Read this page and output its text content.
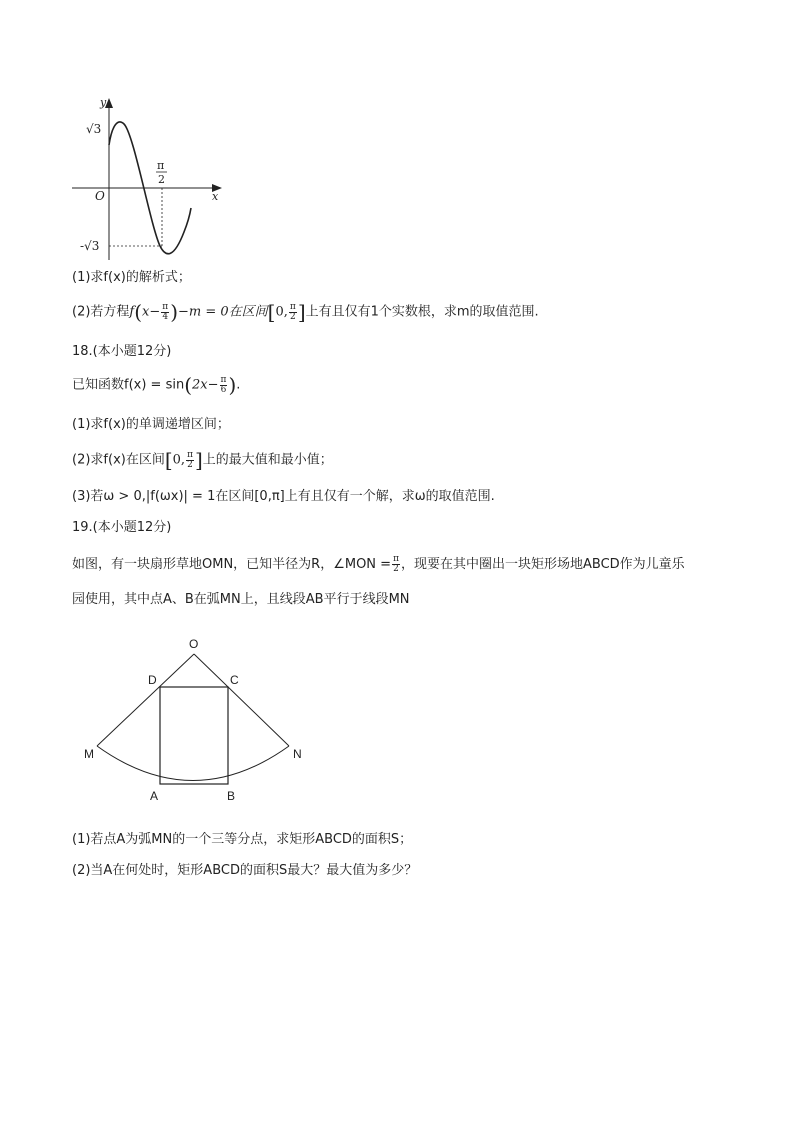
y
x
O
√3
-√3
π
2
(1)求f(x)的解析式；
(2)若方程$f(x- \frac{\pi}{4} )-m = 0$在区间[0, $\frac{\pi}{2}$ ]上有且仅有1个实数根，求m的取值范围.
18.(本小题12分)
已知函数$f(x) = \sin(2x- \frac{\pi}{6}$ ).
(1)求f(x)的单调递增区间；
(2)求f(x)在区间[0, $\frac{\pi}{2}$ ]上的最大值和最小值；
(3)若ω > 0,|f(ωx)| = 1在区间[0,π]上有且仅有一个解，求ω的取值范围.
19.(本小题12分)
如图，有一块扇形草地OMN，已知半径为R，∠MON = $\frac{\pi}{2}$ ，现要在其中圈出一块矩形场地ABCD作为儿童乐
园使用，其中点A、B在弧MN上，且线段AB平行于线段MN
O
D	C
M	N
A	B
(1)若点A为弧MN的一个三等分点，求矩形ABCD的面积S；
(2)当A在何处时，矩形ABCD的面积S最大？最大值为多少？
